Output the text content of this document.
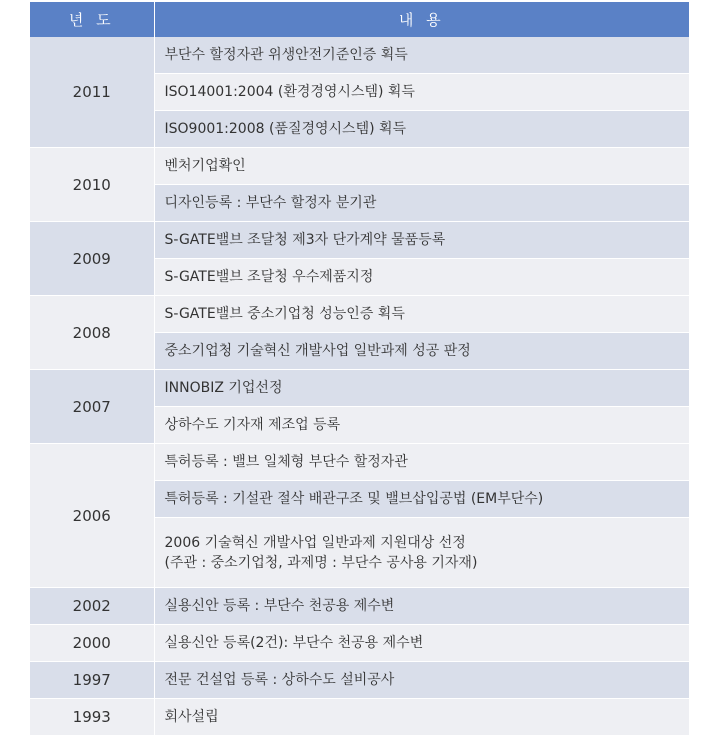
년 도	내 용
2011	부단수 할정자관 위생안전기준인증 획득
	ISO14001:2004 (환경경영시스템) 획득
	ISO9001:2008 (품질경영시스템) 획득
2010	벤처기업확인
	디자인등록 : 부단수 할정자 분기관
2009	S-GATE밸브 조달청 제3자 단가계약 물품등록
	S-GATE밸브 조달청 우수제품지정
2008	S-GATE밸브 중소기업청 성능인증 획득
	중소기업청 기술혁신 개발사업 일반과제 성공 판정
2007	INNOBIZ 기업선정
	상하수도 기자재 제조업 등록
2006	특허등록 : 밸브 일체형 부단수 할정자관
	특허등록 : 기설관 절삭 배관구조 및 밸브삽입공법 (EM부단수)

	2006 기술혁신 개발사업 일반과제 지원대상 선정
(주관 : 중소기업청, 과제명 : 부단수 공사용 기자재)

2002	실용신안 등록 : 부단수 천공용 제수변
2000	실용신안 등록(2건): 부단수 천공용 제수변
1997	전문 건설업 등록 : 상하수도 설비공사
1993	회사설립
